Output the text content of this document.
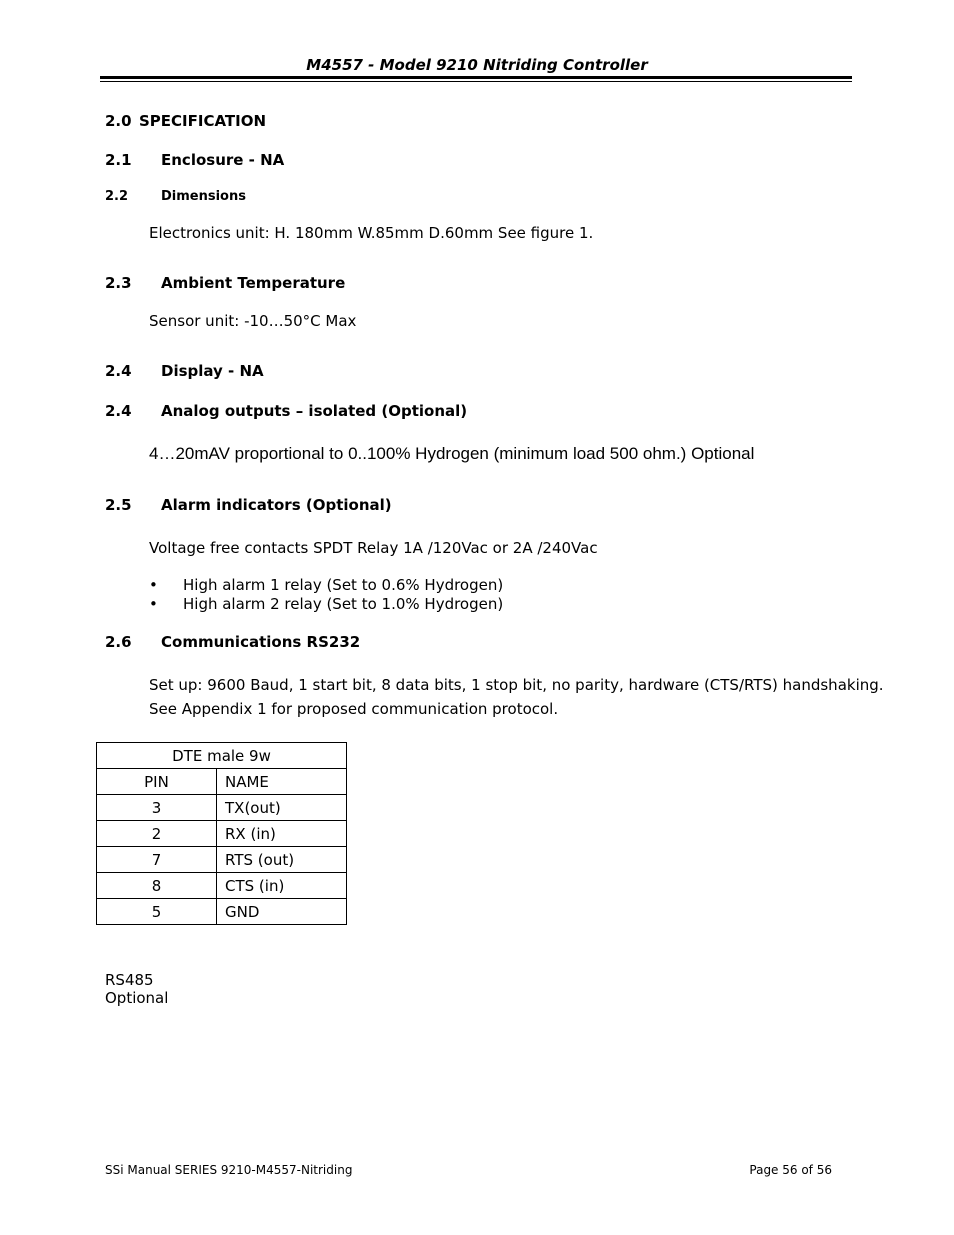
M4557 - Model 9210 Nitriding Controller
2.0 SPECIFICATION
2.1 Enclosure - NA
2.2	Dimensions
Electronics unit: H. 180mm W.85mm D.60mm See figure 1.
2.3 Ambient Temperature
Sensor unit: -10…50°C Max
2.4 Display - NA
2.4 Analog outputs – isolated (Optional)
4…20mAV proportional to 0..100% Hydrogen (minimum load 500 ohm.) Optional
2.5 Alarm indicators (Optional)
Voltage free contacts SPDT Relay 1A /120Vac or 2A /240Vac
• High alarm 1 relay (Set to 0.6% Hydrogen)
• High alarm 2 relay (Set to 1.0% Hydrogen)
2.6 Communications RS232
Set up: 9600 Baud, 1 start bit, 8 data bits, 1 stop bit, no parity, hardware (CTS/RTS) handshaking.
See Appendix 1 for proposed communication protocol.
DTE male 9w	
PIN	NAME
3	TX(out)
2	RX (in)
7	RTS (out)
8	CTS (in)
5	GND
RS485
Optional
SSi Manual SERIES 9210-M4557-Nitriding	Page 56 of 56
